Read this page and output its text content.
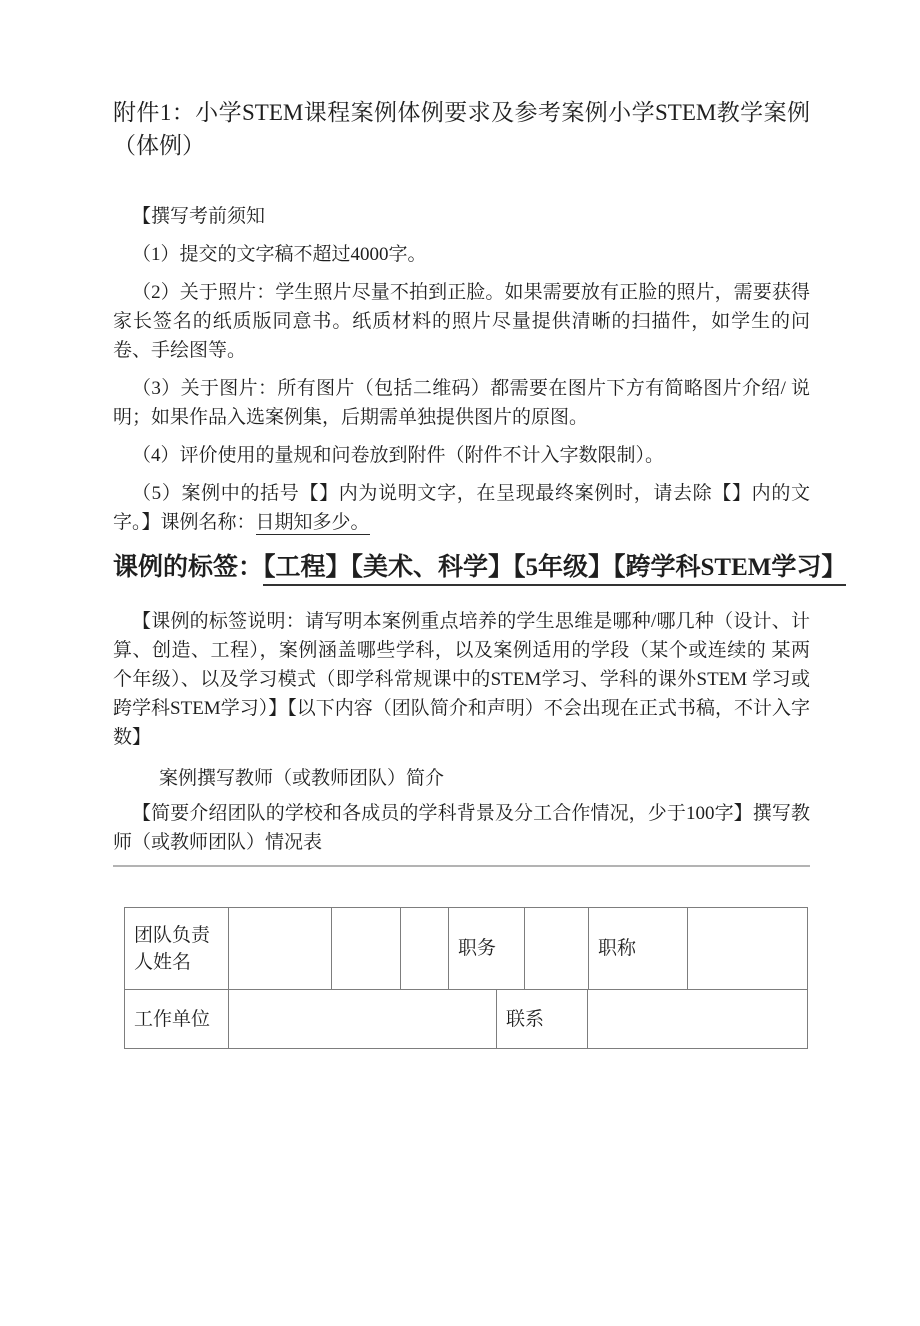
附件1：小学STEM课程案例体例要求及参考案例小学STEM教学案例（体例）

【撰写考前须知

（1）提交的文字稿不超过4000字。

（2）关于照片：学生照片尽量不拍到正脸。如果需要放有正脸的照片，需要获得家长签名的纸质版同意书。纸质材料的照片尽量提供清晰的扫描件，如学生的问卷、手绘图等。

（3）关于图片：所有图片（包括二维码）都需要在图片下方有简略图片介绍/ 说明；如果作品入选案例集，后期需单独提供图片的原图。

（4）评价使用的量规和问卷放到附件（附件不计入字数限制）。

（5）案例中的括号【】内为说明文字，在呈现最终案例时，请去除【】内的文字。】课例名称：日期知多少。

课例的标签：【工程】【美术、科学】【5年级】【跨学科STEM学习】

【课例的标签说明：请写明本案例重点培养的学生思维是哪种/哪几种（设计、计算、创造、工程），案例涵盖哪些学科，以及案例适用的学段（某个或连续的 某两个年级）、以及学习模式（即学科常规课中的STEM学习、学科的课外STEM 学习或跨学科STEM学习）】【以下内容（团队简介和声明）不会出现在正式书稿，不计入字数】

案例撰写教师（或教师团队）简介

【简要介绍团队的学校和各成员的学科背景及分工合作情况，少于100字】撰写教师（或教师团队）情况表

团队负责人姓名
职务	职称
工作单位	联系
